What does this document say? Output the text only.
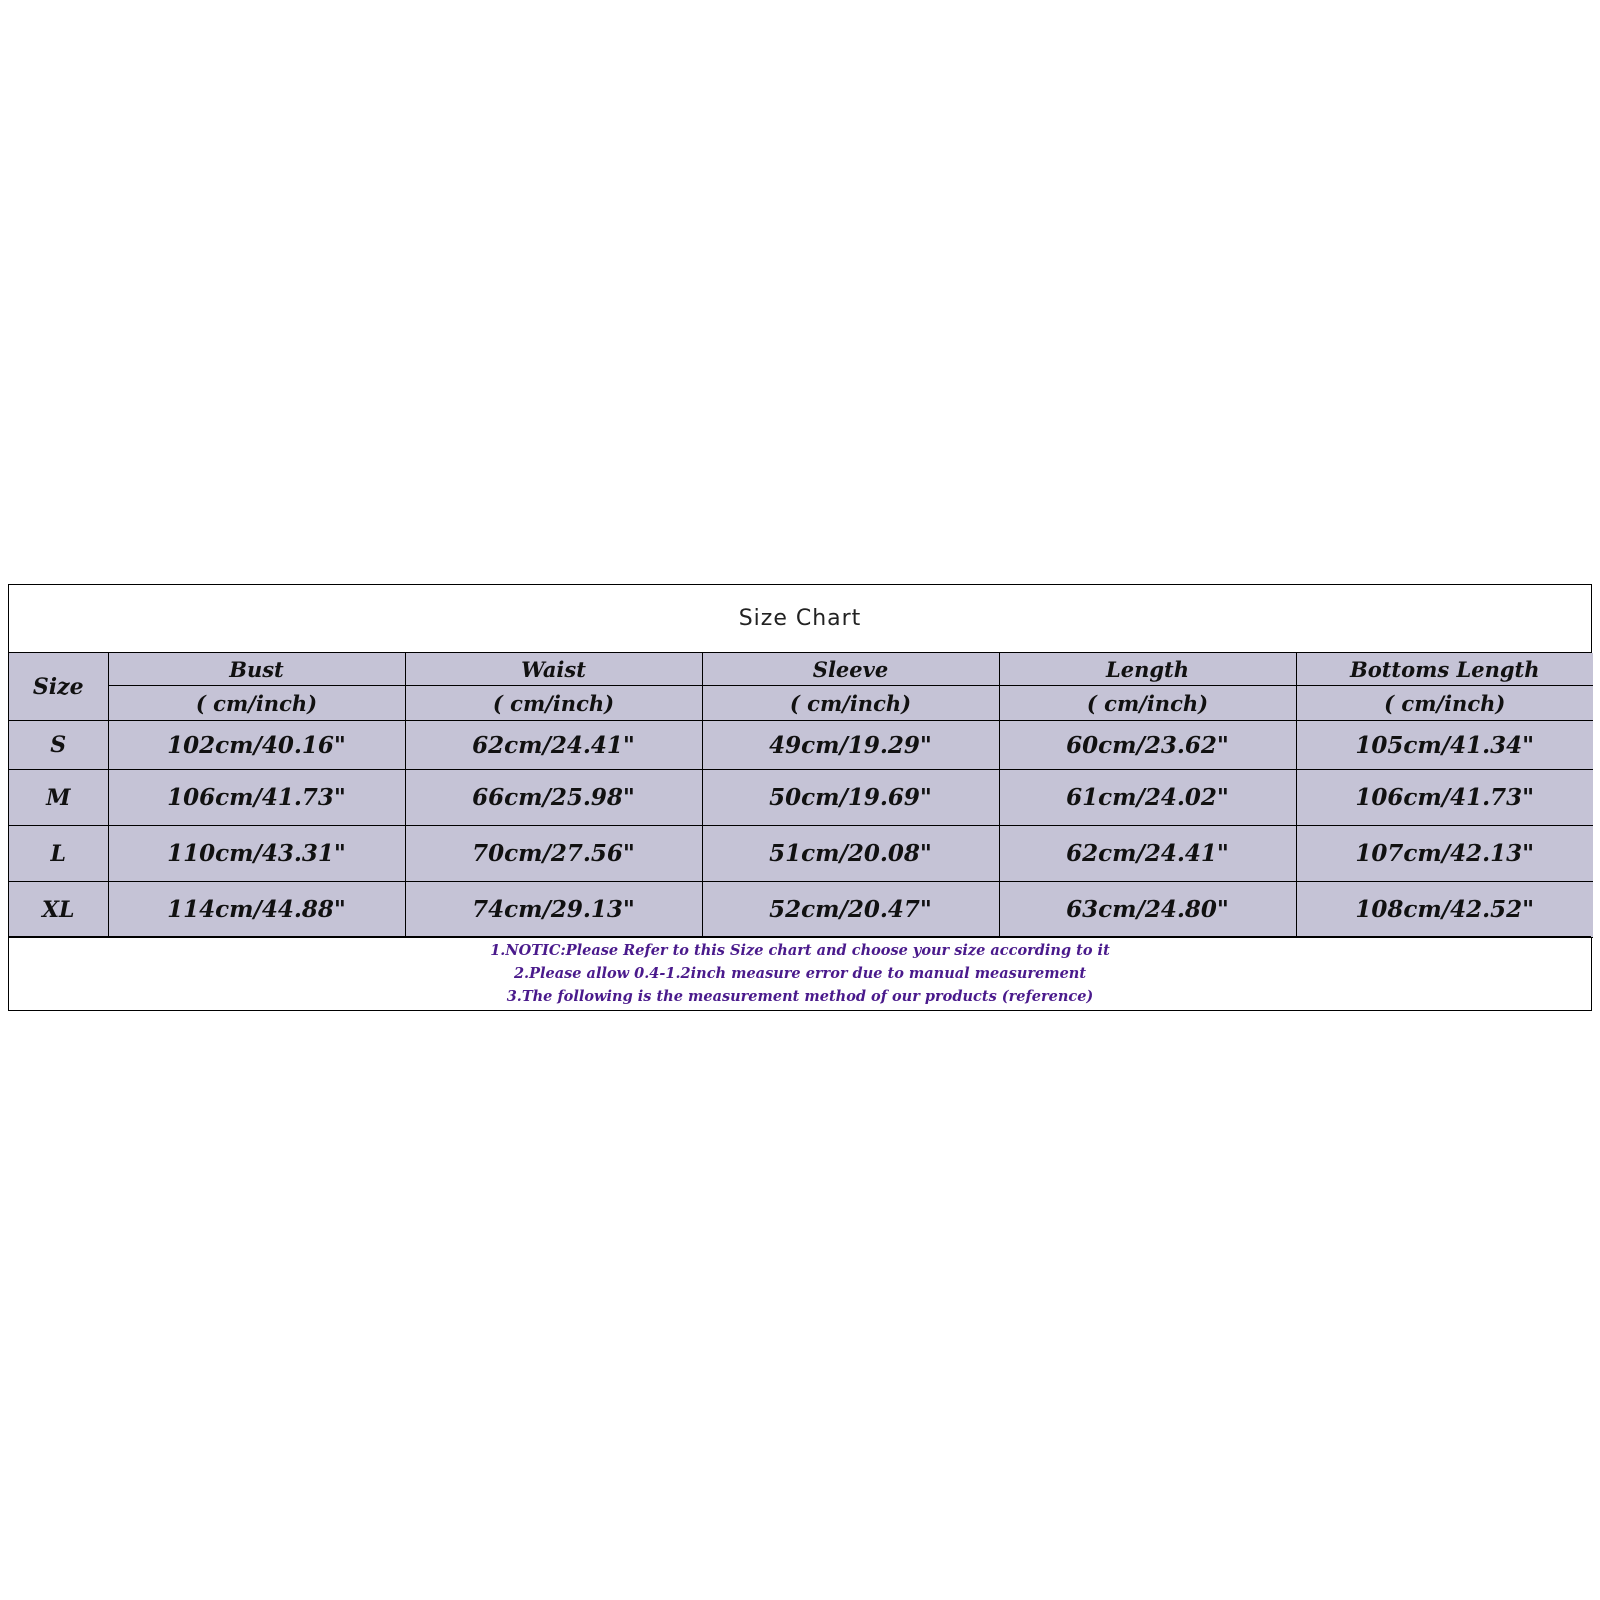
Size Chart
Size	Bust	Waist	Sleeve	Length	Bottoms Length
	( cm/inch)	( cm/inch)	( cm/inch)	( cm/inch)	( cm/inch)
S	102cm/40.16"	62cm/24.41"	49cm/19.29"	60cm/23.62"	105cm/41.34"
M	106cm/41.73"	66cm/25.98"	50cm/19.69"	61cm/24.02"	106cm/41.73"
L	110cm/43.31"	70cm/27.56"	51cm/20.08"	62cm/24.41"	107cm/42.13"
XL	114cm/44.88"	74cm/29.13"	52cm/20.47"	63cm/24.80"	108cm/42.52"
1.NOTIC:Please Refer to this Size chart and choose your size according to it
2.Please allow 0.4-1.2inch measure error due to manual measurement
3.The following is the measurement method of our products (reference)
